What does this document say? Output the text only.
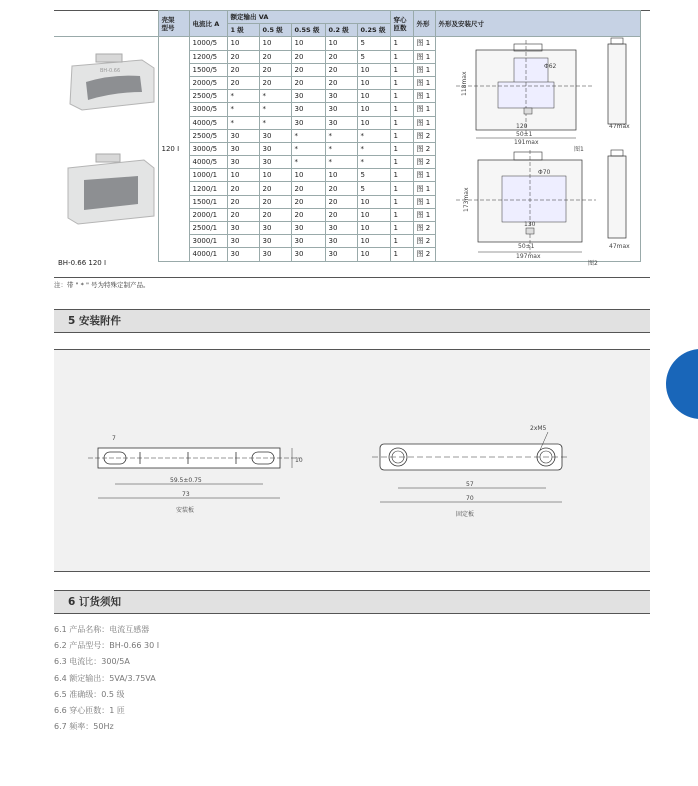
	壳架
型号	电流比 A	额定输出 VA					穿心
匝数	外形	外形及安装尺寸
			1 级	0.5 级	0.5S 级	0.2 级	0.2S 级			
	120 Ⅰ	1000/5	10	10	10	10	5	1	图 1	
		1200/5	20	20	20	20	5	1	图 1	
		1500/5	20	20	20	20	10	1	图 1	
		2000/5	20	20	20	20	10	1	图 1	
		2500/5	*	*	30	30	10	1	图 1	
		3000/5	*	*	30	30	10	1	图 1	
		4000/5	*	*	30	30	10	1	图 1	
		2500/5	30	30	*	*	*	1	图 2	
		3000/5	30	30	*	*	*	1	图 2	
		4000/5	30	30	*	*	*	1	图 2	
		1000/1	10	10	10	10	5	1	图 1	
		1200/1	20	20	20	20	5	1	图 1	
		1500/1	20	20	20	20	10	1	图 1	
		2000/1	20	20	20	20	10	1	图 1	
		2500/1	30	30	30	30	10	1	图 2	
		3000/1	30	30	30	30	10	1	图 2	
		4000/1	30	30	30	30	10	1	图 2	
BH-0.66
BH-0.66 120 Ⅰ
Φ62
118max
50±1
120
191max
47max
图1
Φ70
173max
130
50±1
197max
47max
图2
注：带 " * " 号为特殊定制产品。
5 安装附件
7
59.5±0.75
73
10
安装板
2xM5
57
70
固定板
6 订货须知
6.1 产品名称：电流互感器
6.2 产品型号：BH-0.66 30 Ⅰ
6.3 电流比：300/5A
6.4 额定输出：5VA/3.75VA
6.5 准确级：0.5 级
6.6 穿心匝数：1 匝
6.7 频率：50Hz
